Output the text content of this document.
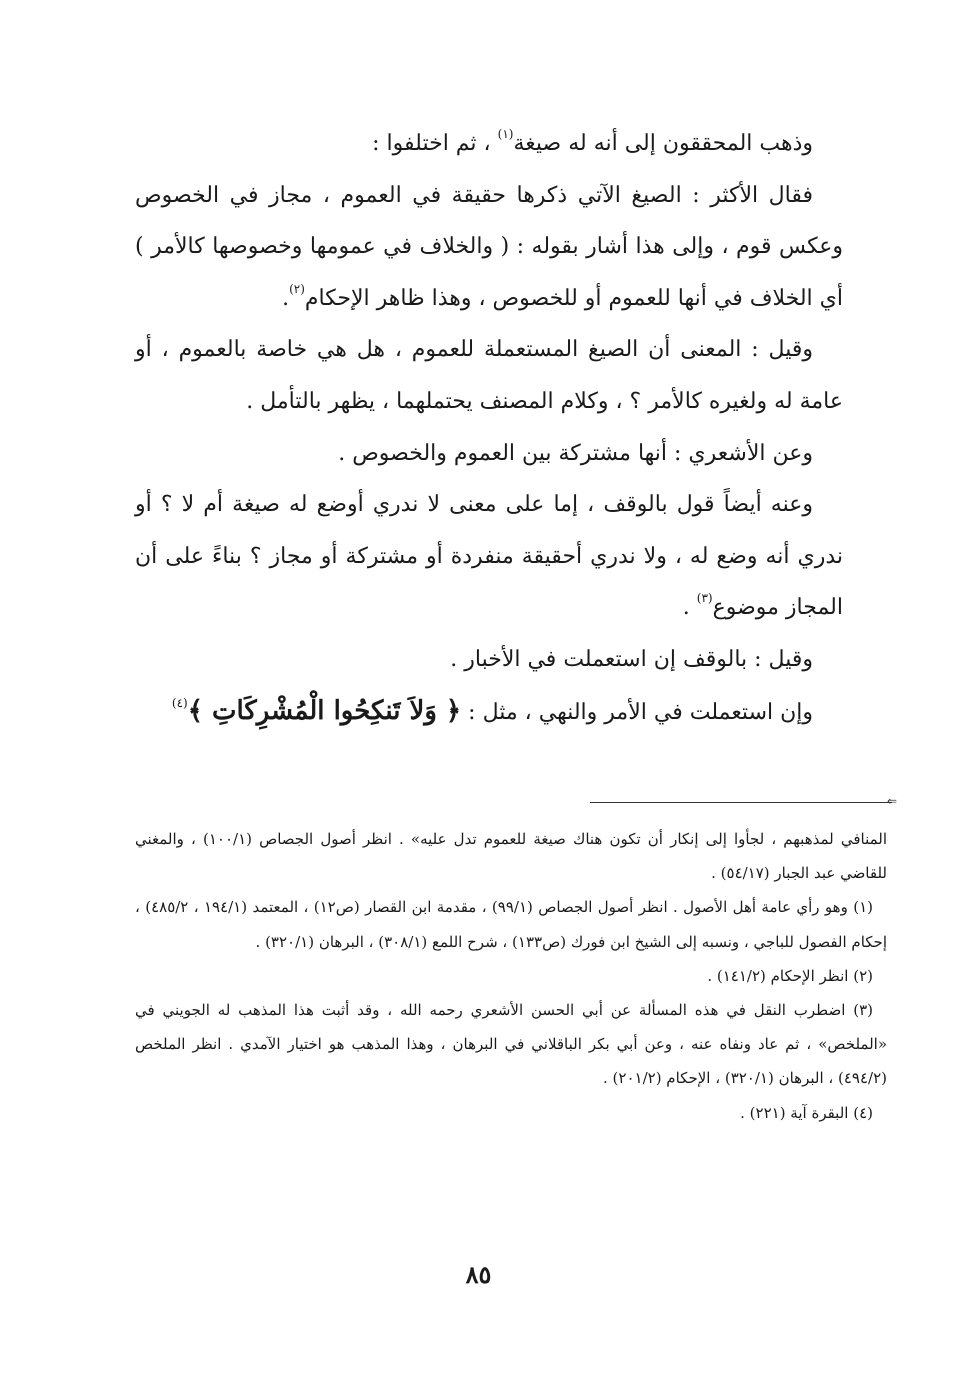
وذهب المحققون إلى أنه له صيغة$^{(١)}$ ، ثم اختلفوا :

فقال الأكثر : الصيغ الآتي ذكرها حقيقة في العموم ، مجاز في الخصوص وعكس قوم ، وإلى هذا أشار بقوله : ( والخلاف في عمومها وخصوصها كالأمر ) أي الخلاف في أنها للعموم أو للخصوص ، وهذا ظاهر الإحكام$^{(٢)}$.

وقيل : المعنى أن الصيغ المستعملة للعموم ، هل هي خاصة بالعموم ، أو عامة له ولغيره كالأمر ؟ ، وكلام المصنف يحتملهما ، يظهر بالتأمل .

وعن الأشعري : أنها مشتركة بين العموم والخصوص .

وعنه أيضاً قول بالوقف ، إما على معنى لا ندري أوضع له صيغة أم لا ؟ أو ندري أنه وضع له ، ولا ندري أحقيقة منفردة أو مشتركة أو مجاز ؟ بناءً على أن المجاز موضوع$^{(٣)}$ .

وقيل : بالوقف إن استعملت في الأخبار .

وإن استعملت في الأمر والنهي ، مثل : ﴿ وَلاَ تَنكِحُوا الْمُشْرِكَاتِ ﴾$^{(٤)}$

⇐

المنافي لمذهبهم ، لجأوا إلى إنكار أن تكون هناك صيغة للعموم تدل عليه» . انظر أصول الجصاص (١٠٠/١) ، والمغني للقاضي عبد الجبار (٥٤/١٧) .

(١) وهو رأي عامة أهل الأصول . انظر أصول الجصاص (٩٩/١) ، مقدمة ابن القصار (ص١٢) ، المعتمد (١٩٤/١ ، ٤٨٥/٢) ، إحكام الفصول للباجي ، ونسبه إلى الشيخ ابن فورك (ص١٣٣) ، شرح اللمع (٣٠٨/١) ، البرهان (٣٢٠/١) .

(٢) انظر الإحكام (١٤١/٢) .

(٣) اضطرب النقل في هذه المسألة عن أبي الحسن الأشعري رحمه الله ، وقد أثبت هذا المذهب له الجويني في «الملخص» ، ثم عاد ونفاه عنه ، وعن أبي بكر الباقلاني في البرهان ، وهذا المذهب هو اختيار الآمدي . انظر الملخص (٤٩٤/٢) ، البرهان (٣٢٠/١) ، الإحكام (٢٠١/٢) .

(٤) البقرة آية (٢٢١) .

٨٥
